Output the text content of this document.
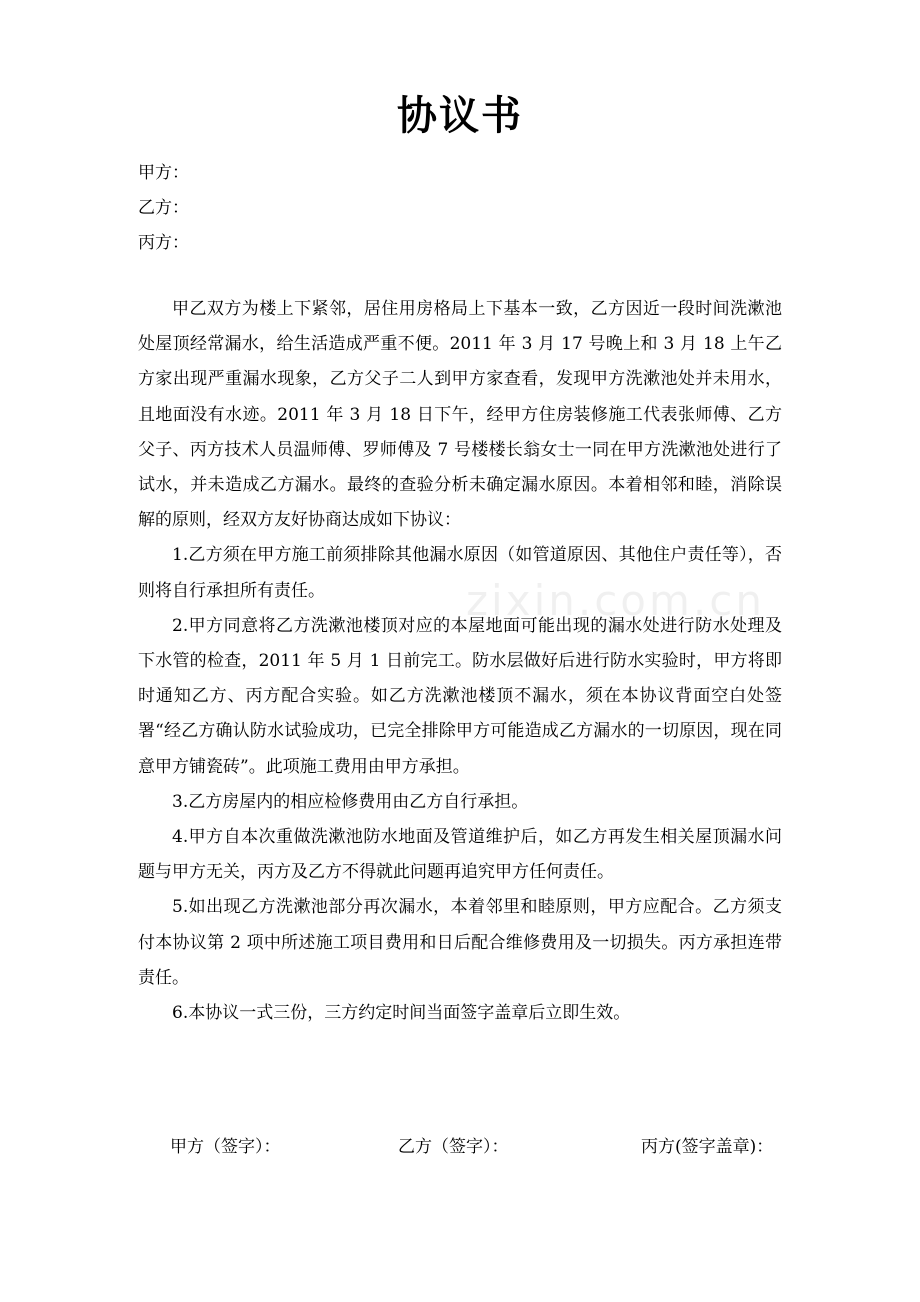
协议书
甲方：
乙方：
丙方：

甲乙双方为楼上下紧邻，居住用房格局上下基本一致，乙方因近一段时间洗漱池处屋顶经常漏水，给生活造成严重不便。2011 年 3 月 17 号晚上和 3 月 18 上午乙方家出现严重漏水现象，乙方父子二人到甲方家查看，发现甲方洗漱池处并未用水，且地面没有水迹。2011 年 3 月 18 日下午，经甲方住房装修施工代表张师傅、乙方父子、丙方技术人员温师傅、罗师傅及 7 号楼楼长翁女士一同在甲方洗漱池处进行了试水，并未造成乙方漏水。最终的查验分析未确定漏水原因。本着相邻和睦，消除误解的原则，经双方友好协商达成如下协议：

1.乙方须在甲方施工前须排除其他漏水原因（如管道原因、其他住户责任等），否则将自行承担所有责任。

2.甲方同意将乙方洗漱池楼顶对应的本屋地面可能出现的漏水处进行防水处理及下水管的检查，2011 年 5 月 1 日前完工。防水层做好后进行防水实验时，甲方将即时通知乙方、丙方配合实验。如乙方洗漱池楼顶不漏水，须在本协议背面空白处签署“经乙方确认防水试验成功，已完全排除甲方可能造成乙方漏水的一切原因，现在同意甲方铺瓷砖”。此项施工费用由甲方承担。

3.乙方房屋内的相应检修费用由乙方自行承担。

4.甲方自本次重做洗漱池防水地面及管道维护后，如乙方再发生相关屋顶漏水问题与甲方无关，丙方及乙方不得就此问题再追究甲方任何责任。

5.如出现乙方洗漱池部分再次漏水，本着邻里和睦原则，甲方应配合。乙方须支付本协议第 2 项中所述施工项目费用和日后配合维修费用及一切损失。丙方承担连带责任。

6.本协议一式三份，三方约定时间当面签字盖章后立即生效。

zixin.com.cn
甲方（签字）：	乙方（签字）：	丙方(签字盖章)：
